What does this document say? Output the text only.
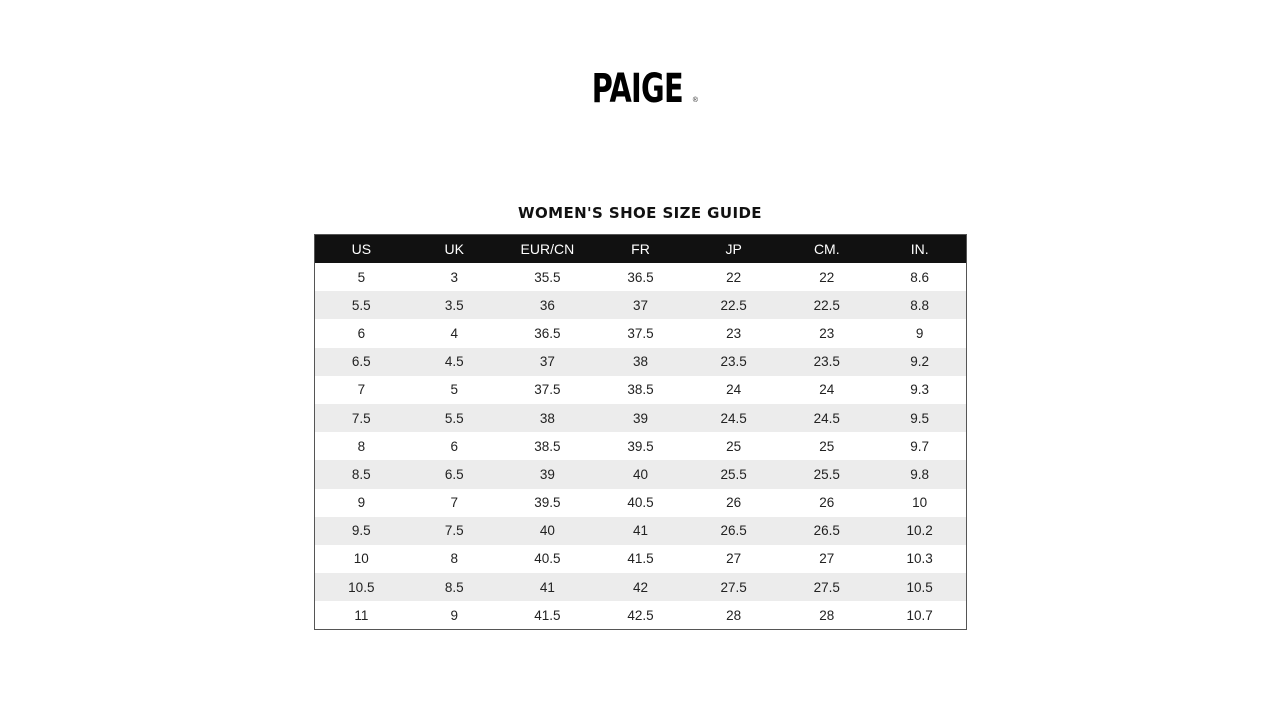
PAIGE ®
WOMEN'S SHOE SIZE GUIDE
US	UK	EUR/CN	FR	JP	CM.	IN.
5	3	35.5	36.5	22	22	8.6
5.5	3.5	36	37	22.5	22.5	8.8
6	4	36.5	37.5	23	23	9
6.5	4.5	37	38	23.5	23.5	9.2
7	5	37.5	38.5	24	24	9.3
7.5	5.5	38	39	24.5	24.5	9.5
8	6	38.5	39.5	25	25	9.7
8.5	6.5	39	40	25.5	25.5	9.8
9	7	39.5	40.5	26	26	10
9.5	7.5	40	41	26.5	26.5	10.2
10	8	40.5	41.5	27	27	10.3
10.5	8.5	41	42	27.5	27.5	10.5
11	9	41.5	42.5	28	28	10.7
